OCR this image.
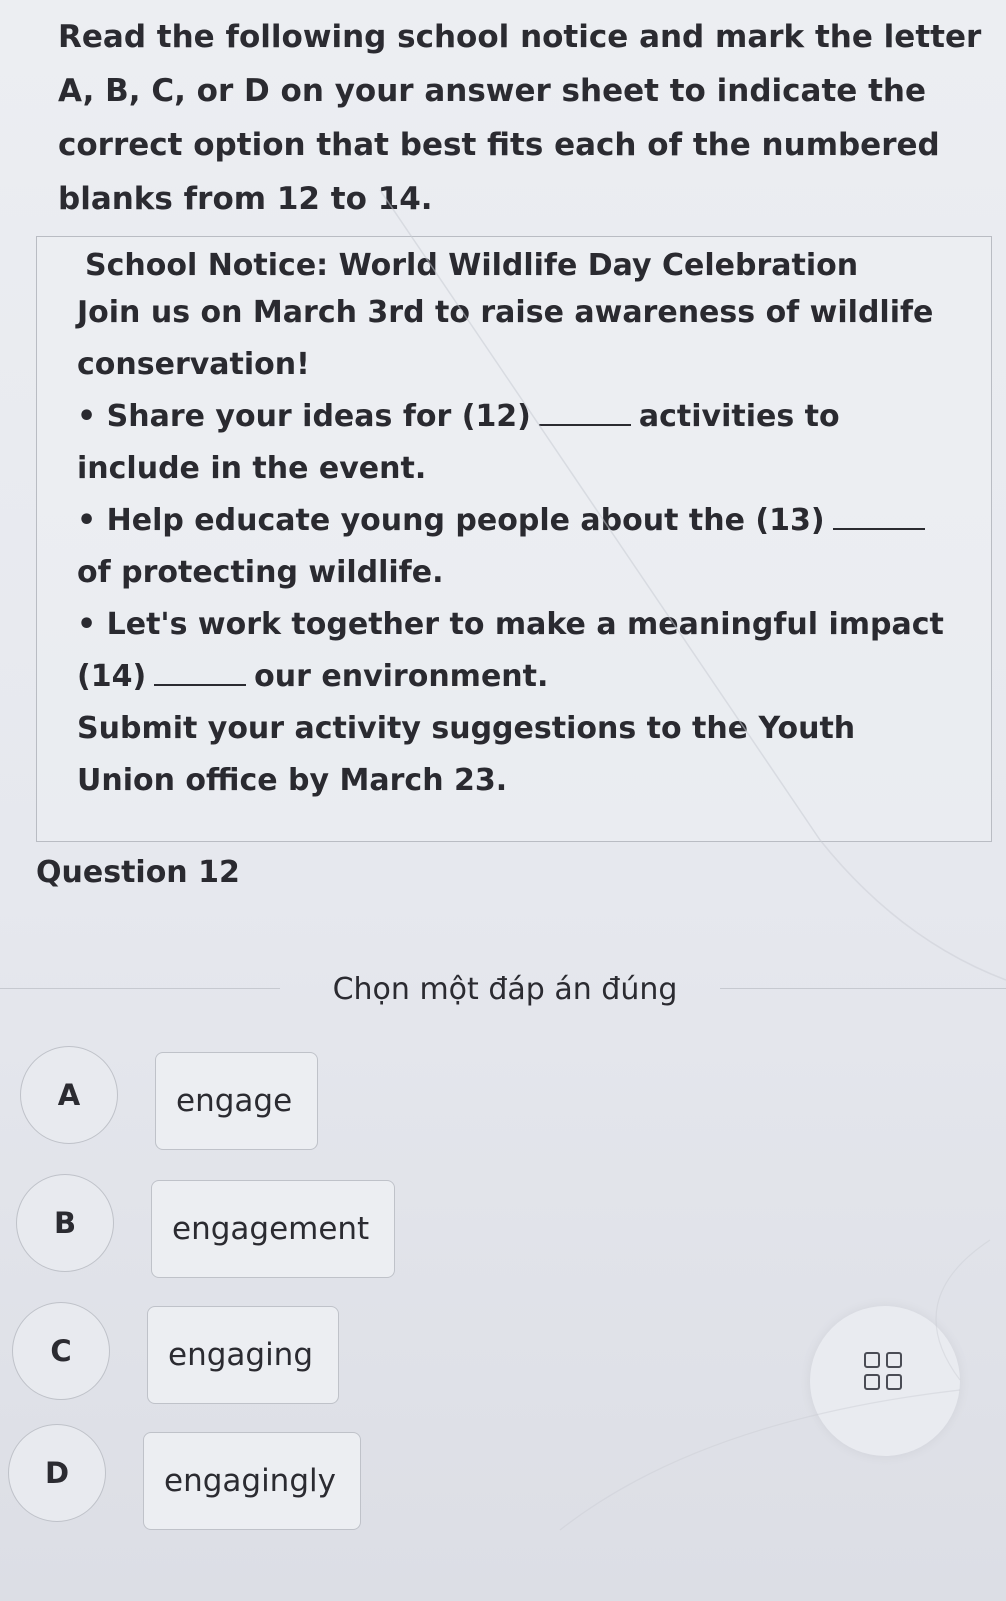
Read the following school notice and mark the letter A, B, C, or D on your answer sheet to indicate the correct option that best fits each of the numbered blanks from 12 to 14.
School Notice: World Wildlife Day Celebration

Join us on March 3rd to raise awareness of wildlife conservation!

• Share your ideas for (12)	activities to include in the event.

• Help educate young people about the (13)of protecting wildlife.

• Let's work together to make a meaningful impact (14)	our environment.

Submit your activity suggestions to the Youth Union office by March 23.

Question 12
Chọn một đáp án đúng
A	engage
B	engagement
C	engaging
D	engagingly
